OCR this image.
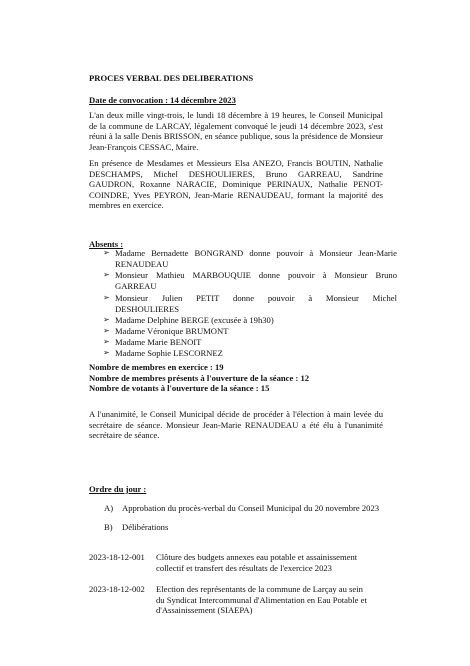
PROCES VERBAL DES DELIBERATIONS
Date de convocation : 14 décembre 2023
L'an deux mille vingt-trois, le lundi 18 décembre à 19 heures, le Conseil Municipal
de la commune de LARCAY, légalement convoqué le jeudi 14 décembre 2023, s'est
réuni à la salle Denis BRISSON, en séance publique, sous la présidence de Monsieur
Jean-François CESSAC, Maire.
En présence de Mesdames et Messieurs Elsa ANEZO, Francis BOUTIN, Nathalie
DESCHAMPS, Michel DESHOULIERES, Bruno GARREAU, Sandrine
GAUDRON, Roxanne NARACIE, Dominique PERINAUX, Nathalie PENOT-
COINDRE, Yves PEYRON, Jean-Marie RENAUDEAU, formant la majorité des
membres en exercice.
Absents :
➢ Madame Bernadette BONGRAND donne pouvoir à Monsieur Jean-Marie
RENAUDEAU
➢ Monsieur Mathieu MARBOUQUIE donne pouvoir à Monsieur Bruno
GARREAU
➢ Monsieur Julien PETIT donne pouvoir à Monsieur Michel
DESHOULIERES
➢ Madame Delphine BERGE (excusée à 19h30)
➢ Madame Véronique BRUMONT
➢ Madame Marie BENOIT
➢ Madame Sophie LESCORNEZ
Nombre de membres en exercice : 19
Nombre de membres présents à l'ouverture de la séance : 12
Nombre de votants à l'ouverture de la séance : 15
A l'unanimité, le Conseil Municipal décide de procéder à l'élection à main levée du
secrétaire de séance. Monsieur Jean-Marie RENAUDEAU a été élu à l'unanimité
secrétaire de séance.
Ordre du jour :
A) Approbation du procès-verbal du Conseil Municipal du 20 novembre 2023
B) Délibérations
2023-18-12-001 Clôture des budgets annexes eau potable et assainissement
collectif et transfert des résultats de l'exercice 2023
2023-18-12-002 Election des représentants de la commune de Larçay au sein
du Syndicat Intercommunal d'Alimentation en Eau Potable et
d'Assainissement (SIAEPA)
